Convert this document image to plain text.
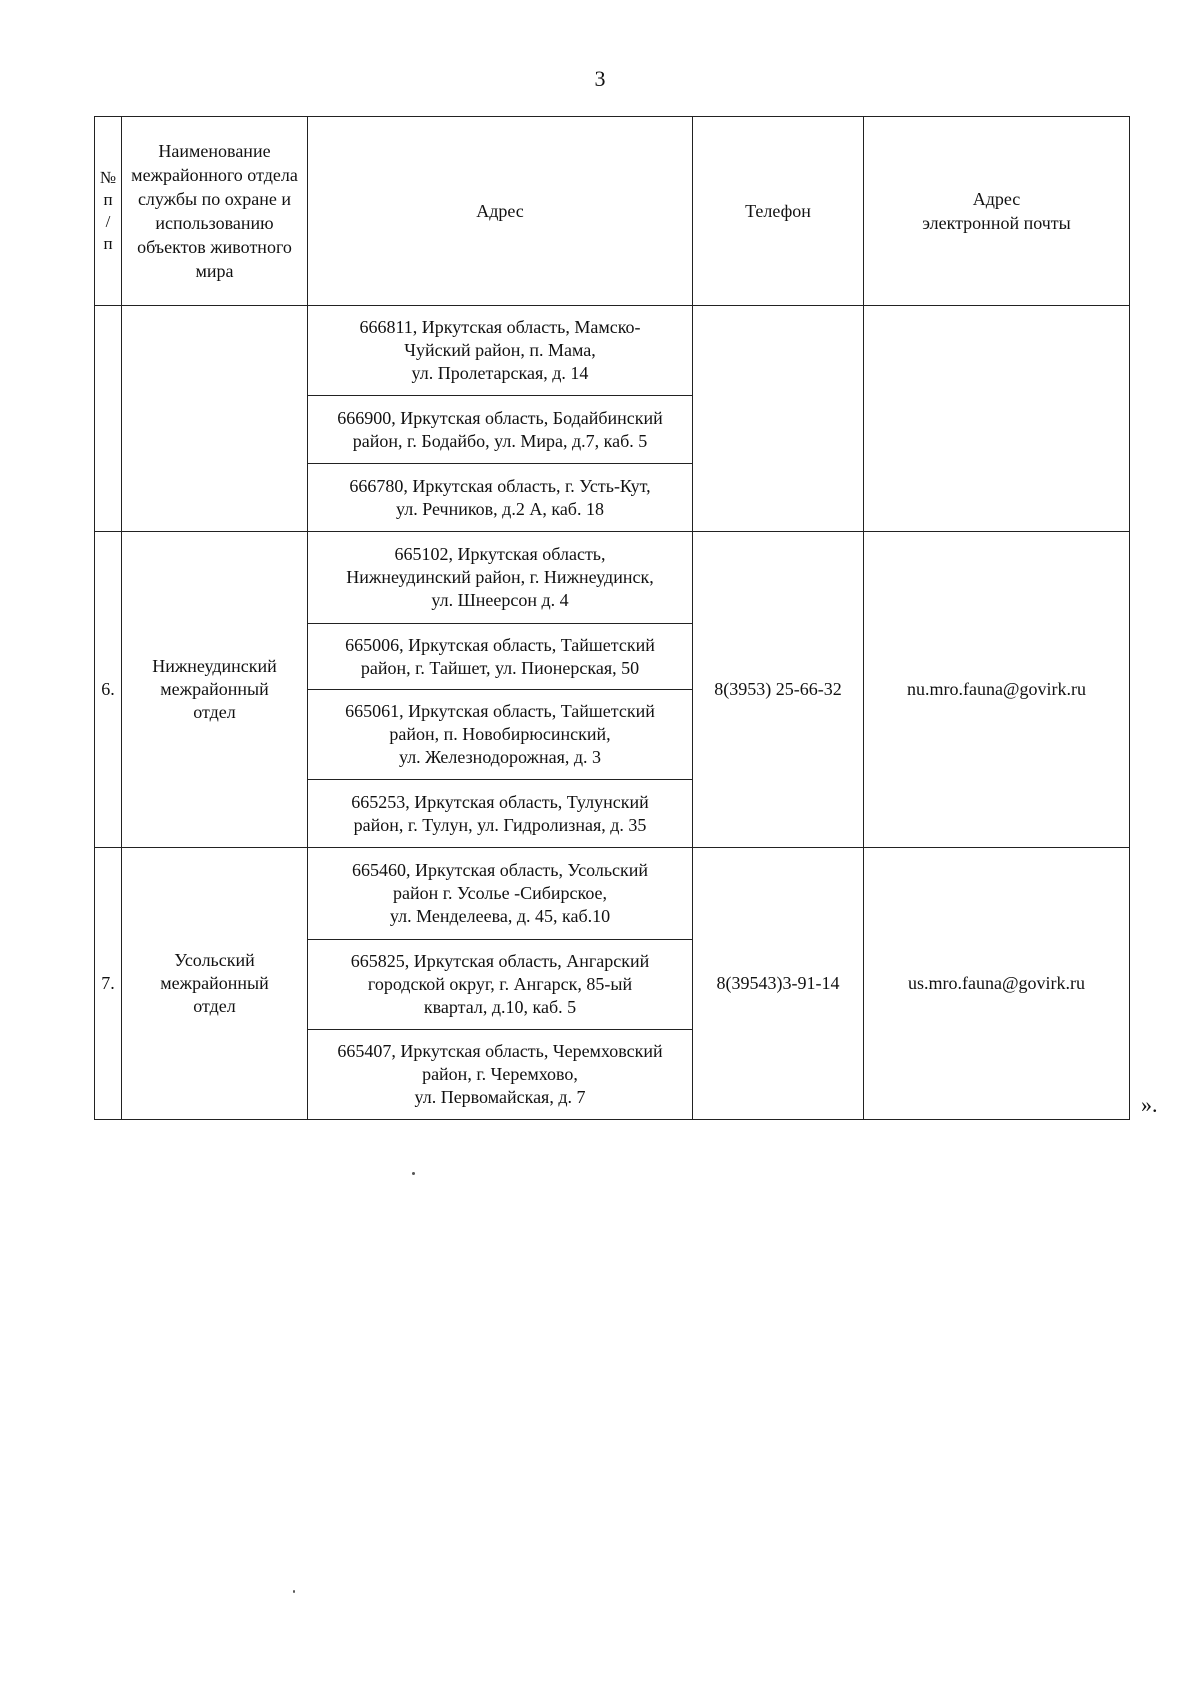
3
№
п
/
п	Наименование межрайонного отдела службы по охране и использованию объектов животного мира	Адрес	Телефон	Адрес
электронной почты

		666811, Иркутская область, Мамско-
Чуйский район, п. Мама,
ул. Пролетарская, д. 14		

		666900, Иркутская область, Бодайбинский
район, г. Бодайбо, ул. Мира, д.7, каб. 5		

		666780, Иркутская область, г. Усть-Кут,
ул. Речников, д.2 А, каб. 18		

6.	Нижнеудинский
межрайонный
отдел	665102, Иркутская область,
Нижнеудинский район, г. Нижнеудинск,
ул. Шнеерсон д. 4	8(3953) 25-66-32	nu.mro.fauna@govirk.ru

		665006, Иркутская область, Тайшетский
район, г. Тайшет, ул. Пионерская, 50		

		665061, Иркутская область, Тайшетский
район, п. Новобирюсинский,
ул. Железнодорожная, д. 3		

		665253, Иркутская область, Тулунский
район, г. Тулун, ул. Гидролизная, д. 35		

7.	Усольский
межрайонный
отдел	665460, Иркутская область, Усольский
район г. Усолье -Сибирское,
ул. Менделеева, д. 45, каб.10	8(39543)3-91-14	us.mro.fauna@govirk.ru

		665825, Иркутская область, Ангарский
городской округ, г. Ангарск, 85-ый
квартал, д.10, каб. 5		

		665407, Иркутская область, Черемховский
район, г. Черемхово,
ул. Первомайская, д. 7			».
